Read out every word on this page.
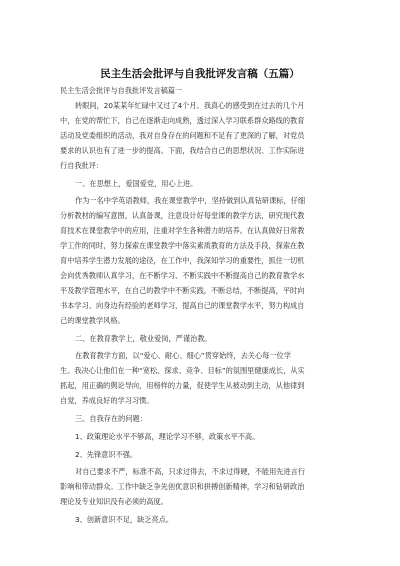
民主生活会批评与自我批评发言稿（五篇）
民主生活会批评与自我批评发言稿篇一
转眼间，20某某年忙碌中又过了4个月。我真心的感受到在过去的几个月
中，在党的帮忙下，自己在逐渐走向成熟，透过深入学习联系群众路线的教育
活动及党委组织的活动，我对自身存在的问题和不足有了更深的了解，对党员
要求的认识也有了进一步的提高。下面，我结合自己的思想状况、工作实际进
行自我批评：
一、在思想上，爱国爱党，用心上进。
作为一名中学英语教师，我在课堂教学中，坚持做到认真钻研课标，仔细
分析教材的编写意图，认真备课，注意设计好每堂课的教学方法，研究现代教
育技术在课堂教学中的应用，注重对学生各种潜力的培养。在认真做好日常教
学工作的同时，努力探索在课堂教学中落实素质教育的方法及手段，探索在教
育中培养学生潜力发展的途径，在工作中，我深知学习的重要性，抓住一切机
会向优秀教师认真学习，在不断学习、不断实践中不断提高自己的教育教学水
平及教学管理水平，在自己的教学中不断实践，不断总结，不断提高，平时向
书本学习、向身边有经验的老师学习，提高自己的课堂教学水平，努力构成自
己的课堂教学风格。
二、在教育教学上，敬业爱岗，严谨治教。
在教育教学方面，以“爱心、耐心、细心”贯穿始终，去关心每一位学
生。我决心让他们在一种“宽松、探求、竞争、目标”的氛围里健康成长，从实
抓起，用正确的舆论导向，用榜样的力量，促使学生从被动到主动，从他律到
自觉，养成良好的学习习惯。
三、自我存在的问题：
1、政策理论水平不够高，理论学习不够，政策水平不高。
2、先锋意识不强。
对自己要求不严，标准不高，只求过得去，不求过得硬，不能用先进言行
影响和带动群众。工作中缺乏争先创优意识和拼搏创新精神，学习和钻研政治
理论及专业知识没有必须的高度。
3、创新意识不足，缺乏亮点。
